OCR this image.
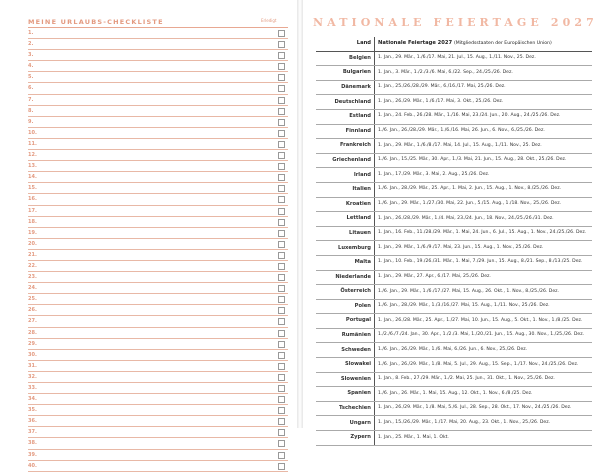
MEINE URLAUBS-CHECKLISTE	Erledigt
1.
2.
3.
4.
5.
6.
7.
8.
9.
10.
11.
12.
13.
14.
15.
16.
17.
18.
19.
20.
21.
22.
23.
24.
25.
26.
27.
28.
29.
30.
31.
32.
33.
34.
35.
36.
37.
38.
39.
40.
NATIONALE FEIERTAGE 2027
Land	Nationale Feiertage 2027 (Mitgliedsstaaten der Europäischen Union)
Belgien	1. Jan., 29. Mär., 1./6./17. Mai, 21. Jul., 15. Aug., 1./11. Nov., 25. Dez.
Bulgarien	1. Jan., 3. Mär., 1./2./3./6. Mai, 6./22. Sep., 24./25./26. Dez.
Dänemark	1. Jan., 25./26./28./29. Mär., 6./16./17. Mai, 25./26. Dez.
Deutschland	1. Jan., 26./29. Mär., 1./6./17. Mai, 3. Okt., 25./26. Dez.
Estland	1. Jan., 24. Feb., 26./28. Mär., 1./16. Mai, 23./24. Jun., 20. Aug., 24./25./26. Dez.
Finnland	1./6. Jan., 26./28./29. Mär., 1./6./16. Mai, 26. Jun., 6. Nov., 6./25./26. Dez.
Frankreich	1. Jan., 29. Mär., 1./6./8./17. Mai, 14. Jul., 15. Aug., 1./11. Nov., 25. Dez.
Griechenland	1./6. Jan., 15./25. Mär., 30. Apr., 1./3. Mai, 21. Jun., 15. Aug., 28. Okt., 25./26. Dez.
Irland	1. Jan., 17./29. Mär., 3. Mai, 2. Aug., 25./26. Dez.
Italien	1./6. Jan., 28./29. Mär., 25. Apr., 1. Mai, 2. Jun., 15. Aug., 1. Nov., 8./25./26. Dez.
Kroatien	1./6. Jan., 29. Mär., 1./27./30. Mai, 22. Jun., 5./15. Aug., 1./18. Nov., 25./26. Dez.
Lettland	1. Jan., 26./28./29. Mär., 1./4. Mai, 23./24. Jun., 18. Nov., 24./25./26./31. Dez.
Litauen	1. Jan., 16. Feb., 11./28./29. Mär., 1. Mai, 24. Jun., 6. Jul., 15. Aug., 1. Nov., 24./25./26. Dez.
Luxemburg	1. Jan., 29. Mär., 1./6./9./17. Mai, 23. Jun., 15. Aug., 1. Nov., 25./26. Dez.
Malta	1. Jan., 10. Feb., 19./26./31. Mär., 1. Mai, 7./29. Jun., 15. Aug., 8./21. Sep., 8./13./25. Dez.
Niederlande	1. Jan., 29. Mär., 27. Apr., 6./17. Mai, 25./26. Dez.
Österreich	1./6. Jan., 29. Mär., 1./6./17./27. Mai, 15. Aug., 26. Okt., 1. Nov., 8./25./26. Dez.
Polen	1./6. Jan., 28./29. Mär., 1./3./16./27. Mai, 15. Aug., 1./11. Nov., 25./26. Dez.
Portugal	1. Jan., 26./28. Mär., 25. Apr., 1./27. Mai, 10. Jun., 15. Aug., 5. Okt., 1. Nov., 1./8./25. Dez.
Rumänien	1./2./6./7./24. Jan., 30. Apr., 1./2./3. Mai, 1./20./21. Jun., 15. Aug., 30. Nov., 1./25./26. Dez.
Schweden	1./6. Jan., 26./29. Mär., 1./6. Mai, 6./26. Jun., 6. Nov., 25./26. Dez.
Slowakei	1./6. Jan., 26./29. Mär., 1./8. Mai, 5. Jul., 29. Aug., 15. Sep., 1./17. Nov., 24./25./26. Dez.
Slowenien	1. Jan., 8. Feb., 27./29. Mär., 1./2. Mai, 25. Jun., 31. Okt., 1. Nov., 25./26. Dez.
Spanien	1./6. Jan., 26. Mär., 1. Mai, 15. Aug., 12. Okt., 1. Nov., 6./8./25. Dez.
Tschechien	1. Jan., 26./29. Mär., 1./8. Mai, 5./6. Jul., 28. Sep., 28. Okt., 17. Nov., 24./25./26. Dez.
Ungarn	1. Jan., 15./26./29. Mär., 1./17. Mai, 20. Aug., 23. Okt., 1. Nov., 25./26. Dez.
Zypern	1. Jan., 25. Mär., 1. Mai, 1. Okt.
